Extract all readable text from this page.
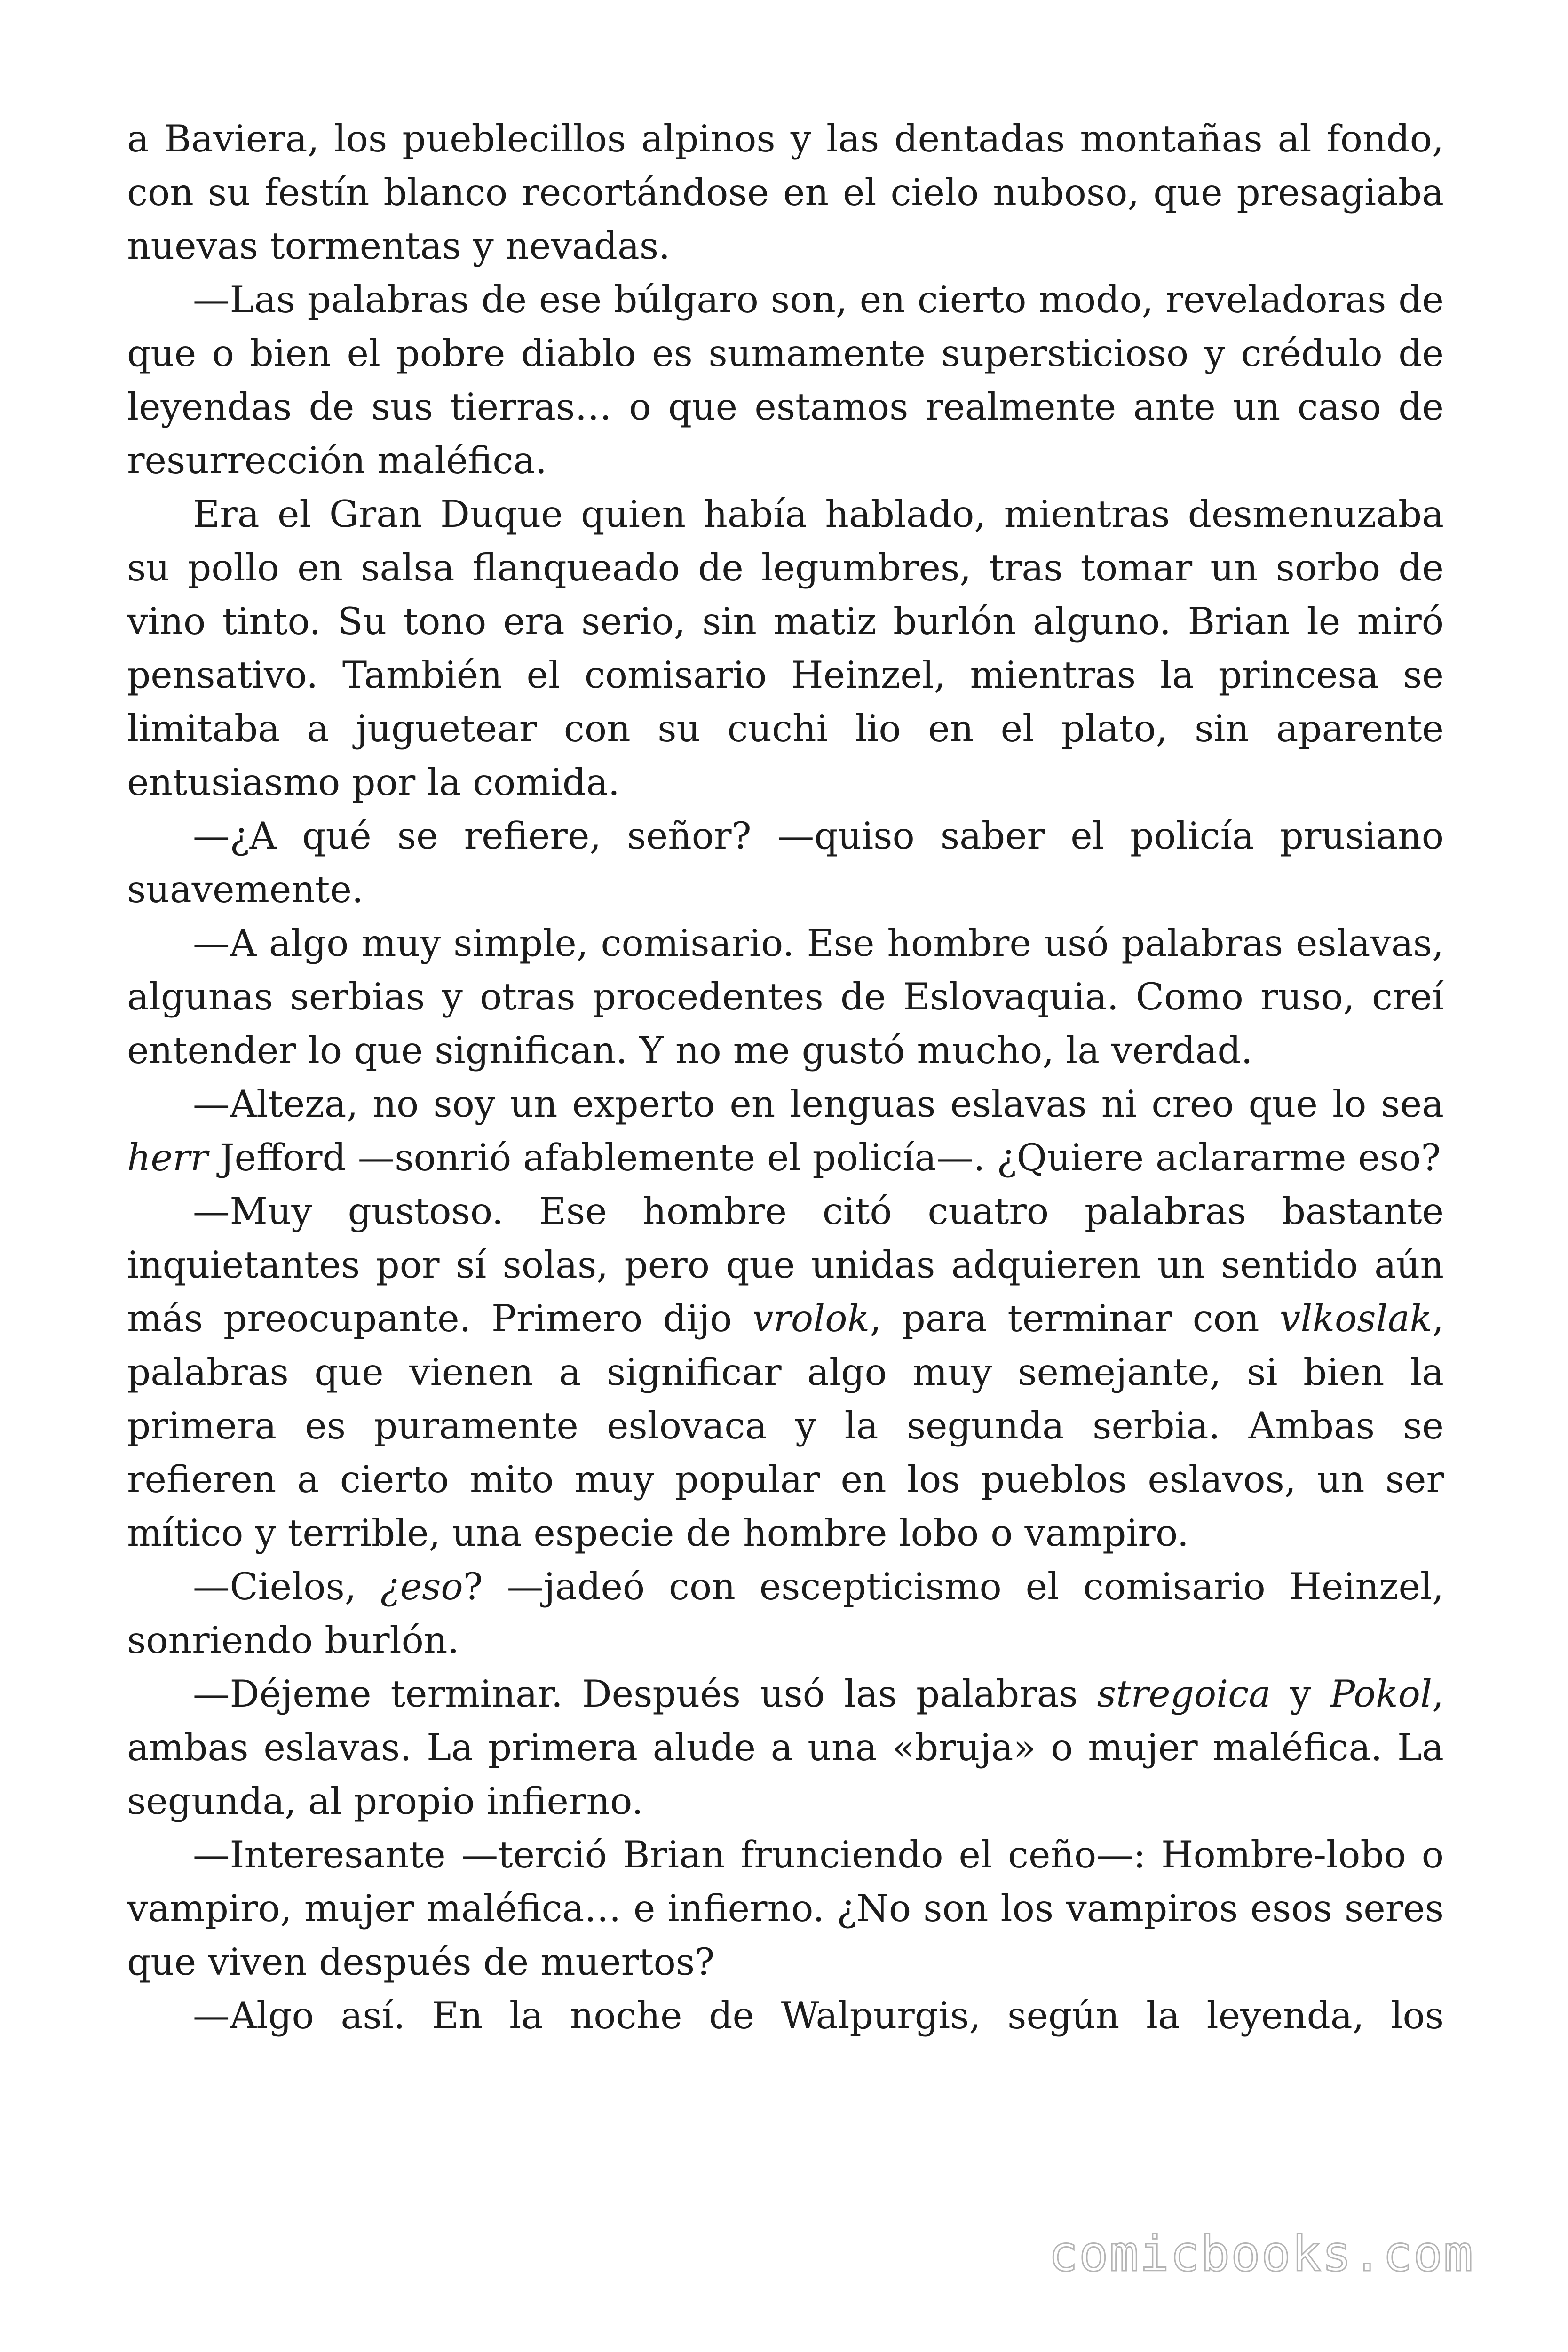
a Baviera, los pueblecillos alpinos y las dentadas montañas al fondo, con su festín blanco recortándose en el cielo nuboso, que presagiaba nuevas tormentas y nevadas.

—Las palabras de ese búlgaro son, en cierto modo, reveladoras de que o bien el pobre diablo es sumamente supersticioso y crédulo de leyendas de sus tierras… o que estamos realmente ante un caso de resurrección maléfica.

Era el Gran Duque quien había hablado, mientras desmenuzaba su pollo en salsa flanqueado de legumbres, tras tomar un sorbo de vino tinto. Su tono era serio, sin matiz burlón alguno. Brian le miró pensativo. También el comisario Heinzel, mientras la princesa se limitaba a juguetear con su cuchi lio en el plato, sin aparente entusiasmo por la comida.

—¿A qué se refiere, señor? —quiso saber el policía prusiano suavemente.

—A algo muy simple, comisario. Ese hombre usó palabras eslavas, algunas serbias y otras procedentes de Eslovaquia. Como ruso, creí entender lo que significan. Y no me gustó mucho, la verdad.

—Alteza, no soy un experto en lenguas eslavas ni creo que lo sea herr Jefford —sonrió afablemente el policía—. ¿Quiere aclararme eso?

—Muy gustoso. Ese hombre citó cuatro palabras bastante inquietantes por sí solas, pero que unidas adquieren un sentido aún más preocupante. Primero dijo vrolok, para terminar con vlkoslak, palabras que vienen a significar algo muy semejante, si bien la primera es puramente eslovaca y la segunda serbia. Ambas se refieren a cierto mito muy popular en los pueblos eslavos, un ser mítico y terrible, una especie de hombre lobo o vampiro.

—Cielos, ¿eso? —jadeó con escepticismo el comisario Heinzel, sonriendo burlón.

—Déjeme terminar. Después usó las palabras stregoica y Pokol, ambas eslavas. La primera alude a una «bruja» o mujer maléfica. La segunda, al propio infierno.

—Interesante —terció Brian frunciendo el ceño—: Hombre-lobo o vampiro, mujer maléfica… e infierno. ¿No son los vampiros esos seres que viven después de muertos?

—Algo así. En la noche de Walpurgis, según la leyenda, los

comicbooks.com
